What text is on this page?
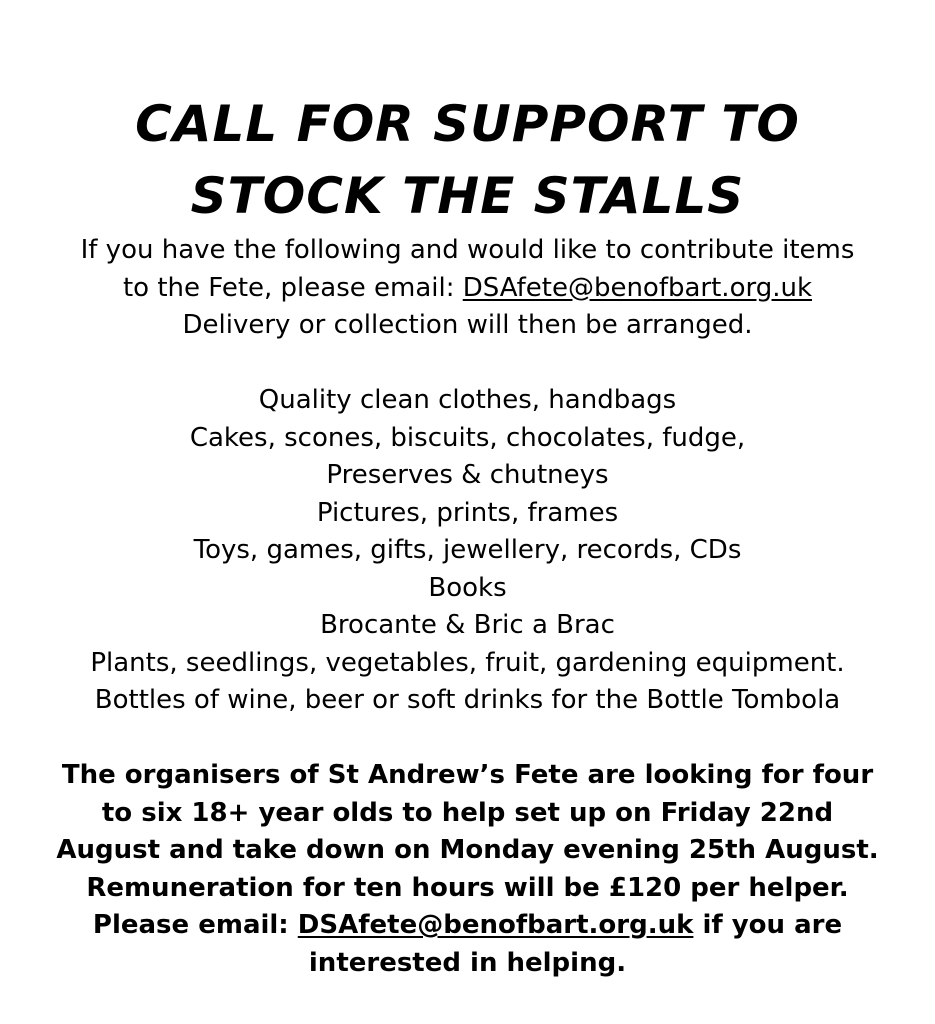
CALL FOR SUPPORT TO
STOCK THE STALLS
If you have the following and would like to contribute items
to the Fete, please email: DSAfete@benofbart.org.uk
Delivery or collection will then be arranged.
Quality clean clothes, handbags
Cakes, scones, biscuits, chocolates, fudge,
Preserves & chutneys
Pictures, prints, frames
Toys, games, gifts, jewellery, records, CDs
Books
Brocante & Bric a Brac
Plants, seedlings, vegetables, fruit, gardening equipment.
Bottles of wine, beer or soft drinks for the Bottle Tombola
The organisers of St Andrew’s Fete are looking for four
to six 18+ year olds to help set up on Friday 22nd
August and take down on Monday evening 25th August.
Remuneration for ten hours will be £120 per helper.
Please email: DSAfete@benofbart.org.uk if you are
interested in helping.
